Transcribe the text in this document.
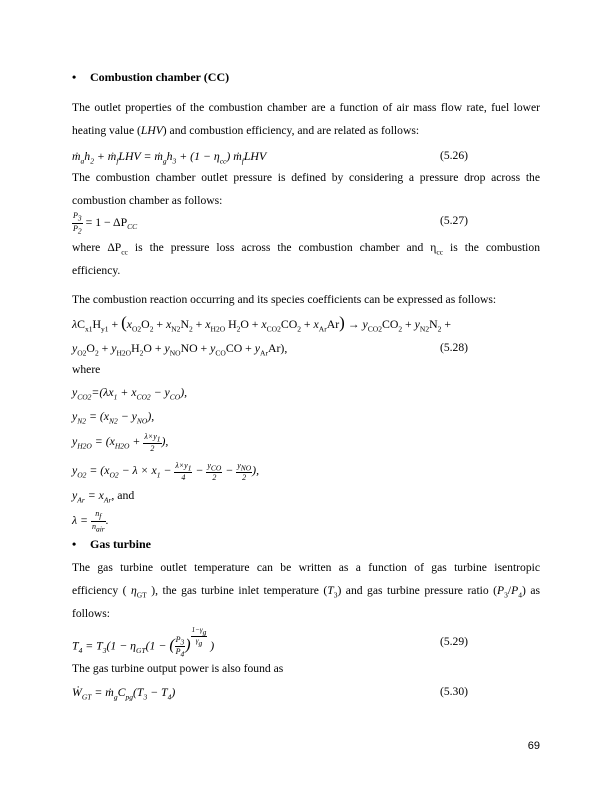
• Combustion chamber (CC)
The outlet properties of the combustion chamber are a function of air mass flow rate, fuel lower
heating value (LHV) and combustion efficiency, and are related as follows:
$ṁ_ah_2$ + ṁ$_f$LHV = $ṁ_gh_3 + (1 - \eta_{cc})$ ṁ$_f$LHV	(5.26)
The combustion chamber outlet pressure is defined by considering a pressure drop across the
combustion chamber as follows:
$\frac{P_3}{P_2} = 1 - \Delta P_{CC}$	(5.27)
where $\Delta P_{cc}$ is the pressure loss across the combustion chamber and $\eta_{cc}$ is the combustion
efficiency.
The combustion reaction occurring and its species coefficients can be expressed as follows:
$\lambda C_{x1}H_{y1} + (x_{O2}O_2 + x_{N2}N_2 + x_{H2O}$ $H_2O + x_{CO2}CO_2 + x_{Ar}Ar) \to y_{CO2}CO_2 + y_{N2}N_2$ +
$y_{O2}O_2 + y_{H2O}H_2O + y_{NO}NO + y_{CO}CO + y_{Ar}Ar$),	(5.28)
where
$y_{CO2}=(\lambda x_1 + x_{CO2} - y_{CO})$,
$y_{N2} = (x_{N2} - y_{NO})$,
$y_{H2O} = (x_{H2O} + \frac{\lambda\times y_1}{2}$ ),
$y_{O2} = (x_{O2} - \lambda \times x_1 - \frac{\lambda\times y_1}{4} - \frac{y_{CO}}{2} - \frac{y_{NO}}{2}$ ),
$y_{Ar} = x_{Ar}$, and
$\lambda = \frac{n_f}{n_{air}}$ .
• Gas turbine
The gas turbine outlet temperature can be written as a function of gas turbine isentropic
efficiency ( $\eta_{GT}$ ), the gas turbine inlet temperature $(T_3)$ and gas turbine pressure ratio $(P_3/P_4)$ as
follows:
$T_4 = T_3(1 - \eta_{GT}(1$ − ( $\frac{P_3}{P_4}$ ) $^{\frac{1-\gamma_g}{\gamma_g}}$ )	(5.29)
The gas turbine output power is also found as
Ẇ$_{GT}$ = $ṁ_gC_{pg}(T_3 - T_4)$	(5.30)
69
